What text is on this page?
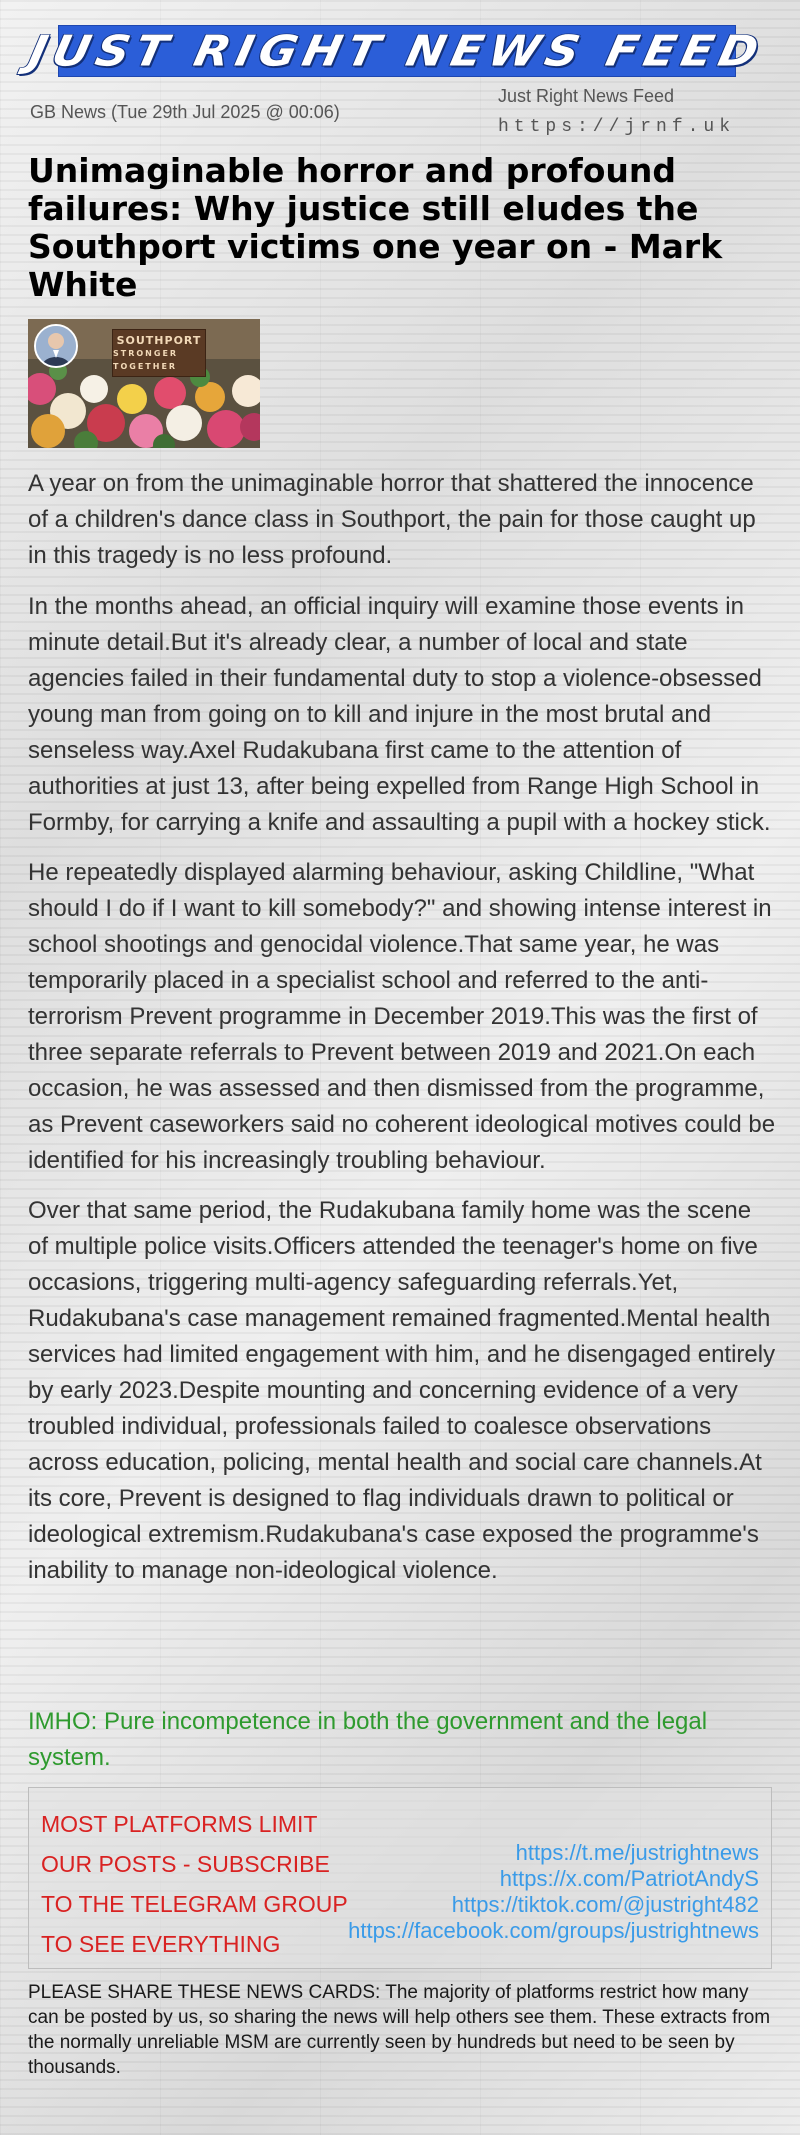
JUST RIGHT NEWS FEED
GB News (Tue 29th Jul 2025 @ 00:06)
Just Right News Feed
https://jrnf.uk
Unimaginable horror and profound failures: Why justice still eludes the Southport victims one year on - Mark White
SOUTHPORT
STRONGER TOGETHER

A year on from the unimaginable horror that shattered the innocence of a children's dance class in Southport, the pain for those caught up in this tragedy is no less profound.

In the months ahead, an official inquiry will examine those events in minute detail.But it's already clear, a number of local and state agencies failed in their fundamental duty to stop a violence-obsessed young man from going on to kill and injure in the most brutal and senseless way.Axel Rudakubana first came to the attention of authorities at just 13, after being expelled from Range High School in Formby, for carrying a knife and assaulting a pupil with a hockey stick.

He repeatedly displayed alarming behaviour, asking Childline, "What should I do if I want to kill somebody?" and showing intense interest in school shootings and genocidal violence.That same year, he was temporarily placed in a specialist school and referred to the anti-terrorism Prevent programme in December 2019.This was the first of three separate referrals to Prevent between 2019 and 2021.On each occasion, he was assessed and then dismissed from the programme, as Prevent caseworkers said no coherent ideological motives could be identified for his increasingly troubling behaviour.

Over that same period, the Rudakubana family home was the scene of multiple police visits.Officers attended the teenager's home on five occasions, triggering multi-agency safeguarding referrals.Yet, Rudakubana's case management remained fragmented.Mental health services had limited engagement with him, and he disengaged entirely by early 2023.Despite mounting and concerning evidence of a very troubled individual, professionals failed to coalesce observations across education, policing, mental health and social care channels.At its core, Prevent is designed to flag individuals drawn to political or ideological extremism.Rudakubana's case exposed the programme's inability to manage non-ideological violence.

IMHO: Pure incompetence in both the government and the legal system.

MOST PLATFORMS LIMIT
OUR POSTS - SUBSCRIBE
TO THE TELEGRAM GROUP
TO SEE EVERYTHING
https://t.me/justrightnews
https://x.com/PatriotAndyS
https://tiktok.com/@justright482
https://facebook.com/groups/justrightnews

PLEASE SHARE THESE NEWS CARDS: The majority of platforms restrict how many can be posted by us, so sharing the news will help others see them. These extracts from the normally unreliable MSM are currently seen by hundreds but need to be seen by thousands.
